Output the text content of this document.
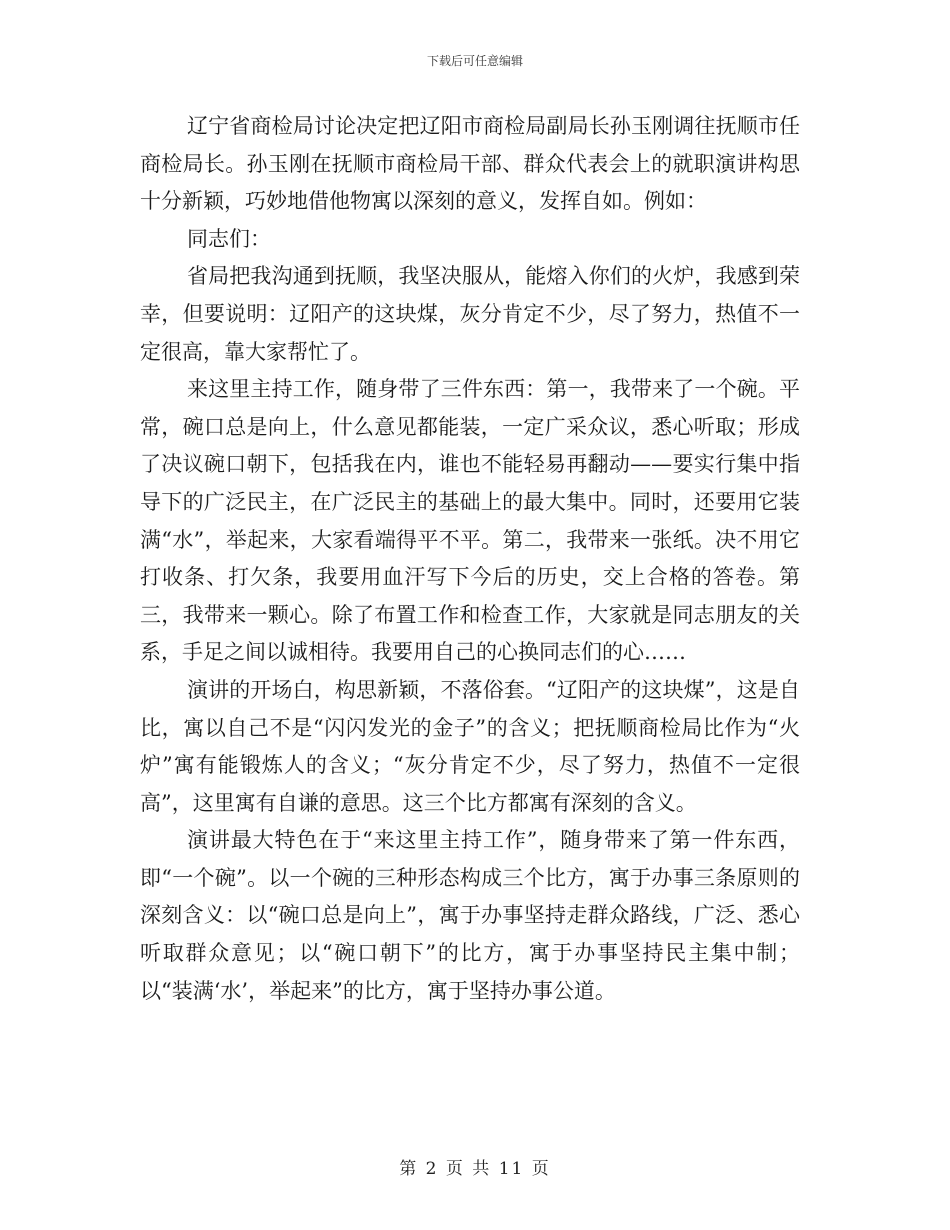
下载后可任意编辑

辽宁省商检局讨论决定把辽阳市商检局副局长孙玉刚调往抚顺市任商检局长。孙玉刚在抚顺市商检局干部、群众代表会上的就职演讲构思十分新颖，巧妙地借他物寓以深刻的意义，发挥自如。例如：

同志们：

省局把我沟通到抚顺，我坚决服从，能熔入你们的火炉，我感到荣幸，但要说明：辽阳产的这块煤，灰分肯定不少，尽了努力，热值不一定很高，靠大家帮忙了。

来这里主持工作，随身带了三件东西：第一，我带来了一个碗。平常，碗口总是向上，什么意见都能装，一定广采众议，悉心听取；形成了决议碗口朝下，包括我在内，谁也不能轻易再翻动——要实行集中指导下的广泛民主，在广泛民主的基础上的最大集中。同时，还要用它装满“水”，举起来，大家看端得平不平。第二，我带来一张纸。决不用它打收条、打欠条，我要用血汗写下今后的历史，交上合格的答卷。第三，我带来一颗心。除了布置工作和检查工作，大家就是同志朋友的关系，手足之间以诚相待。我要用自己的心换同志们的心……

演讲的开场白，构思新颖，不落俗套。“辽阳产的这块煤”，这是自比，寓以自己不是“闪闪发光的金子”的含义；把抚顺商检局比作为“火炉”寓有能锻炼人的含义；“灰分肯定不少，尽了努力，热值不一定很高”，这里寓有自谦的意思。这三个比方都寓有深刻的含义。

演讲最大特色在于“来这里主持工作”，随身带来了第一件东西，即“一个碗”。以一个碗的三种形态构成三个比方，寓于办事三条原则的深刻含义：以“碗口总是向上”，寓于办事坚持走群众路线，广泛、悉心听取群众意见；以“碗口朝下”的比方，寓于办事坚持民主集中制；以“装满‘水’，举起来”的比方，寓于坚持办事公道。

第 2 页 共 11 页
